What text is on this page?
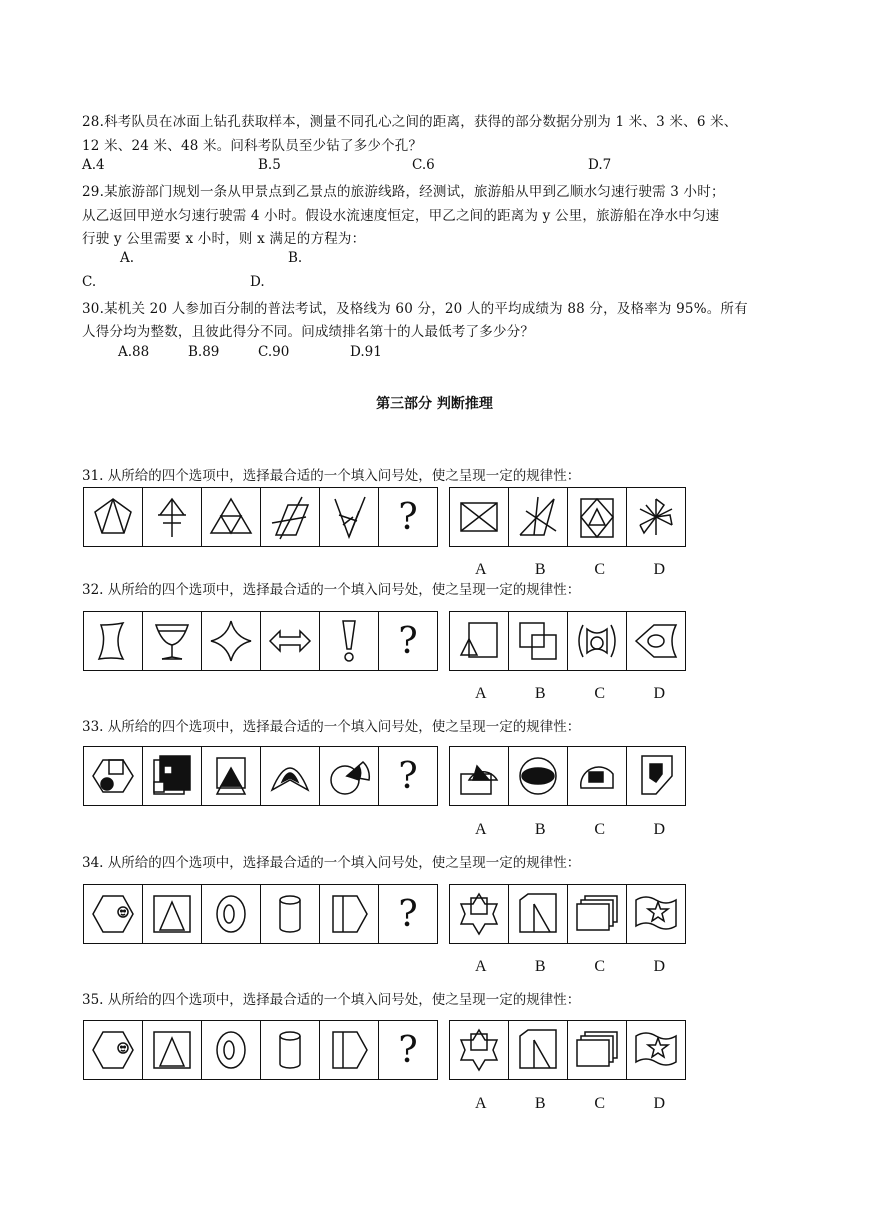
28.科考队员在冰面上钻孔获取样本，测量不同孔心之间的距离，获得的部分数据分别为 1 米、3 米、6 米、
12 米、24 米、48 米。问科考队员至少钻了多少个孔？
A.4	B.5	C.6	D.7
29.某旅游部门规划一条从甲景点到乙景点的旅游线路，经测试，旅游船从甲到乙顺水匀速行驶需 3 小时；
从乙返回甲逆水匀速行驶需 4 小时。假设水流速度恒定，甲乙之间的距离为 y 公里，旅游船在净水中匀速
行驶 y 公里需要 x 小时，则 x 满足的方程为：
A.	B.
C.	D.
30.某机关 20 人参加百分制的普法考试，及格线为 60 分，20 人的平均成绩为 88 分，及格率为 95%。所有
人得分均为整数，且彼此得分不同。问成绩排名第十的人最低考了多少分？
A.88	B.89	C.90	D.91
第三部分 判断推理
31. 从所给的四个选项中，选择最合适的一个填入问号处，使之呈现一定的规律性：
?
A	B	C	D
32. 从所给的四个选项中，选择最合适的一个填入问号处，使之呈现一定的规律性：
?
A	B	C	D
33. 从所给的四个选项中，选择最合适的一个填入问号处，使之呈现一定的规律性：
?
A	B	C	D
34. 从所给的四个选项中，选择最合适的一个填入问号处，使之呈现一定的规律性：
?
A	B	C	D
35. 从所给的四个选项中，选择最合适的一个填入问号处，使之呈现一定的规律性：
?
A	B	C	D
